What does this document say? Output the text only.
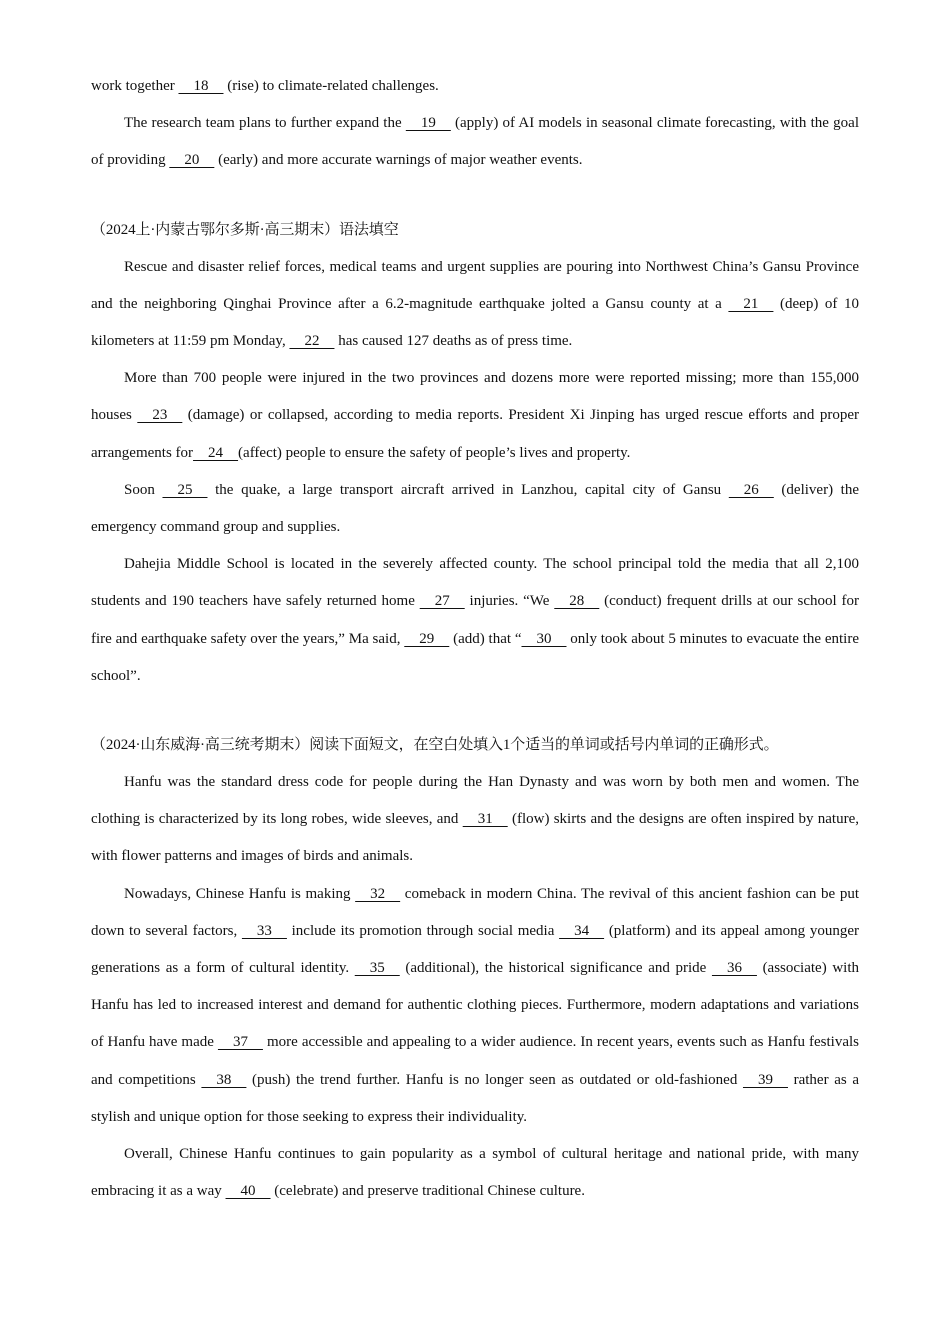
work together     18     (rise) to climate-related challenges.

The research team plans to further expand the     19     (apply) of AI models in seasonal climate forecasting, with the goal of providing     20     (early) and more accurate warnings of major weather events.

（2024上·内蒙古鄂尔多斯·高三期末）语法填空

Rescue and disaster relief forces, medical teams and urgent supplies are pouring into Northwest China’s Gansu Province and the neighboring Qinghai Province after a 6.2-magnitude earthquake jolted a Gansu county at a     21     (deep) of 10 kilometers at 11:59 pm Monday,     22     has caused 127 deaths as of press time.

More than 700 people were injured in the two provinces and dozens more were reported missing; more than 155,000 houses     23     (damage) or collapsed, according to media reports. President Xi Jinping has urged rescue efforts and proper arrangements for    24    (affect) people to ensure the safety of people’s lives and property.

Soon     25     the quake, a large transport aircraft arrived in Lanzhou, capital city of Gansu     26     (deliver) the emergency command group and supplies.

Dahejia Middle School is located in the severely affected county. The school principal told the media that all 2,100 students and 190 teachers have safely returned home     27     injuries. “We     28     (conduct) frequent drills at our school for fire and earthquake safety over the years,” Ma said,     29     (add) that “    30     only took about 5 minutes to evacuate the entire school”.

（2024·山东威海·高三统考期末）阅读下面短文，在空白处填入1个适当的单词或括号内单词的正确形式。

Hanfu was the standard dress code for people during the Han Dynasty and was worn by both men and women. The clothing is characterized by its long robes, wide sleeves, and     31     (flow) skirts and the designs are often inspired by nature, with flower patterns and images of birds and animals.

Nowadays, Chinese Hanfu is making     32     comeback in modern China. The revival of this ancient fashion can be put down to several factors,     33     include its promotion through social media     34     (platform) and its appeal among younger generations as a form of cultural identity.     35     (additional), the historical significance and pride     36     (associate) with Hanfu has led to increased interest and demand for authentic clothing pieces. Furthermore, modern adaptations and variations of Hanfu have made     37     more accessible and appealing to a wider audience. In recent years, events such as Hanfu festivals and competitions     38     (push) the trend further. Hanfu is no longer seen as outdated or old-fashioned     39     rather as a stylish and unique option for those seeking to express their individuality.

Overall, Chinese Hanfu continues to gain popularity as a symbol of cultural heritage and national pride, with many embracing it as a way     40     (celebrate) and preserve traditional Chinese culture.
